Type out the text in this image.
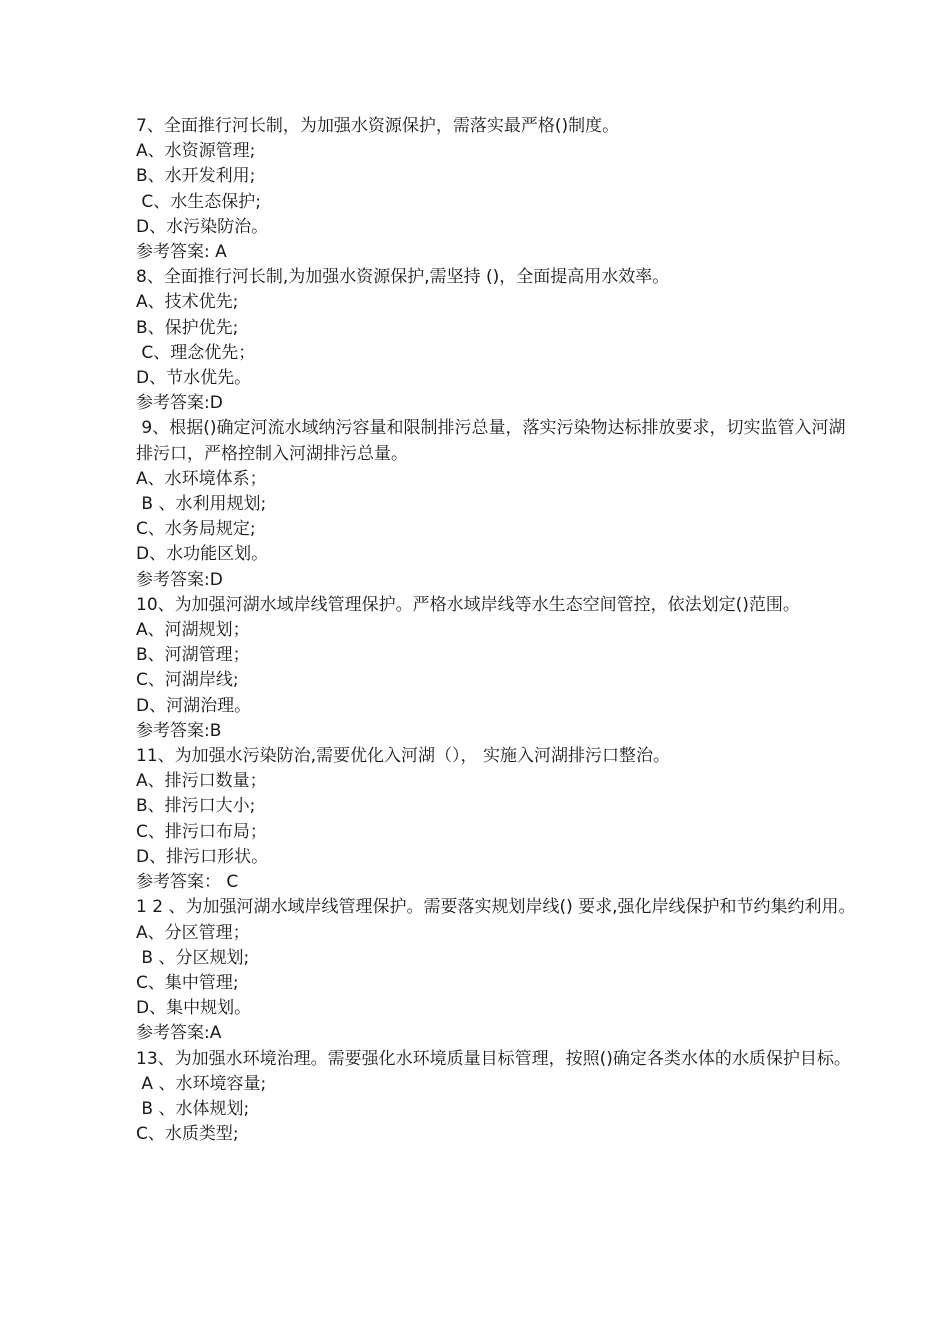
7、全面推行河长制，为加强水资源保护，需落实最严格()制度。

A、水资源管理;

B、水开发利用;

C、水生态保护;

D、水污染防治。

参考答案: A

8、全面推行河长制,为加强水资源保护,需坚持 ()，全面提高用水效率。

A、技术优先;

B、保护优先;

C、理念优先；

D、节水优先。

参考答案:D

9、根据()确定河流水域纳污容量和限制排污总量，落实污染物达标排放要求，切实监管入河湖排污口，严格控制入河湖排污总量。

A、水环境体系；

B 、水利用规划;

C、水务局规定;

D、水功能区划。

参考答案:D

10、为加强河湖水域岸线管理保护。严格水域岸线等水生态空间管控，依法划定()范围。

A、河湖规划；

B、河湖管理；

C、河湖岸线;

D、河湖治理。

参考答案:B

11、为加强水污染防治,需要优化入河湖（）， 实施入河湖排污口整治。

A、排污口数量；

B、排污口大小;

C、排污口布局；

D、排污口形状。

参考答案： C

1 2 、为加强河湖水域岸线管理保护。需要落实规划岸线() 要求,强化岸线保护和节约集约利用。

A、分区管理；

B 、分区规划;

C、集中管理;

D、集中规划。

参考答案:A

13、为加强水环境治理。需要强化水环境质量目标管理，按照()确定各类水体的水质保护目标。

A 、水环境容量;

B 、水体规划;

C、水质类型;
